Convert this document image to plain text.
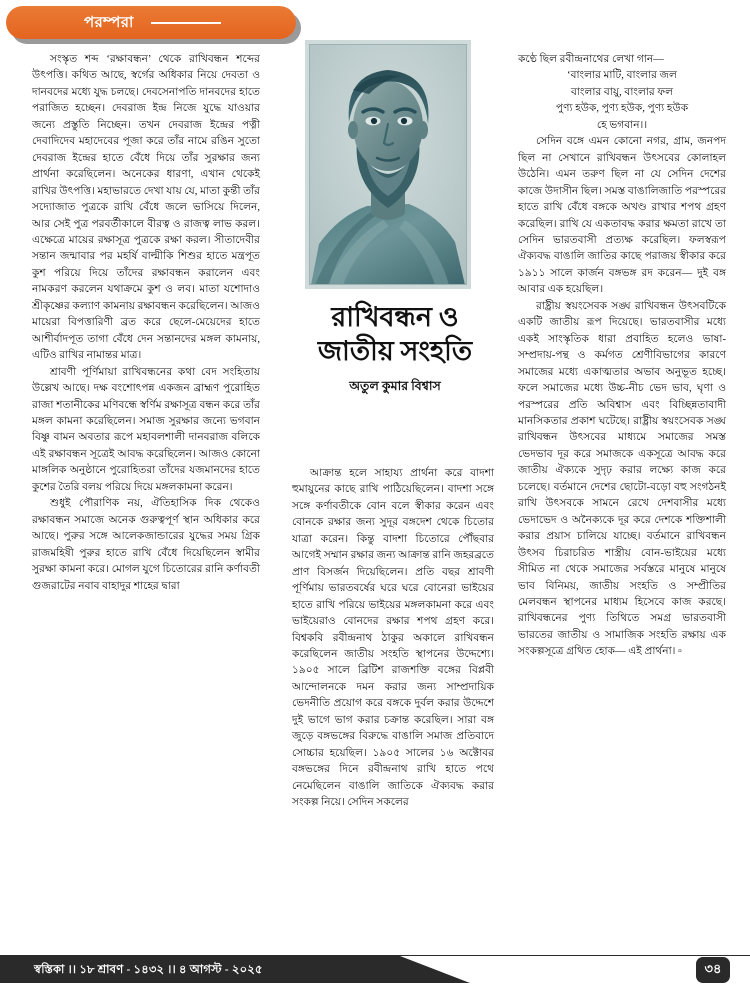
পরম্পরা

সংস্কৃত শব্দ ‘রক্ষাবন্ধন’ থেকে রাখিবন্ধন শব্দের উৎপত্তি। কথিত আছে, স্বর্গের অধিকার নিয়ে দেবতা ও দানবদের মধ্যে যুদ্ধ চলছে। দেবসেনাপতি দানবদের হাতে পরাজিত হচ্ছেন। দেবরাজ ইন্দ্র নিজে যুদ্ধে যাওয়ার জন্যে প্রস্তুতি নিচ্ছেন। তখন দেবরাজ ইন্দ্রের পত্নী দেবাদিদেব মহাদেবের পূজা করে তাঁর নামে রঙিন সুতো দেবরাজ ইন্দ্রের হাতে বেঁধে দিয়ে তাঁর সুরক্ষার জন্য প্রার্থনা করেছিলেন। অনেকের ধারণা, এখান থেকেই রাখির উৎপত্তি। মহাভারতে দেখা যায় যে, মাতা কুন্তী তাঁর সদ্যোজাত পুত্রকে রাখি বেঁধে জলে ভাসিয়ে দিলেন, আর সেই পুত্র পরবর্তীকালে বীরত্ব ও রাজত্ব লাভ করল। এক্ষেত্রে মায়ের রক্ষাসূত্র পুত্রকে রক্ষা করল। সীতাদেবীর সন্তান জন্মাবার পর মহর্ষি বাল্মীকি শিশুর হাতে মন্ত্রপূত কুশ পরিয়ে দিয়ে তাঁদের রক্ষাবন্ধন করালেন এবং নামকরণ করলেন যথাক্রমে কুশ ও লব। মাতা যশোদাও শ্রীকৃষ্ণের কল্যাণ কামনায় রক্ষাবন্ধন করেছিলেন। আজও মায়েরা বিপত্তারিণী ব্রত করে ছেলে-মেয়েদের হাতে আশীর্বাদপূত তাগা বেঁধে দেন সন্তানদের মঙ্গল কামনায়, এটিও রাখির নামান্তর মাত্র।

শ্রাবণী পূর্ণিমায়া রাখিবন্ধনের কথা বেদ সংহিতায় উল্লেখ আছে। দক্ষ বংশোৎপন্ন একজন ব্রাহ্মণ পুরোহিত রাজা শতানীকের মণিবন্ধে স্বর্ণিম রক্ষাসূত্র বন্ধন করে তাঁর মঙ্গল কামনা করেছিলেন। সমাজ সুরক্ষার জন্যে ভগবান বিষ্ণু বামন অবতার রূপে মহাবলশালী দানবরাজ বলিকে এই রক্ষাবন্ধন সূত্রেই আবদ্ধ করেছিলেন। আজও কোনো মাঙ্গলিক অনুষ্ঠানে পুরোহিতরা তাঁদের যজমানদের হাতে কুশের তৈরি বলয় পরিয়ে দিয়ে মঙ্গলকামনা করেন।

শুধুই পৌরাণিক নয়, ঐতিহাসিক দিক থেকেও রক্ষাবন্ধন সমাজে অনেক গুরুত্বপূর্ণ স্থান অধিকার করে আছে। পুরুর সঙ্গে আলেকজান্ডারের যুদ্ধের সময় গ্রিক রাজমহিষী পুরুর হাতে রাখি বেঁধে দিয়েছিলেন স্বামীর সুরক্ষা কামনা করে। মোগল যুগে চিতোরের রানি কর্ণাবতী গুজরাটের নবাব বাহাদুর শাহের দ্বারা

রাখিবন্ধন ও
জাতীয় সংহতি
অতুল কুমার বিশ্বাস

আক্রান্ত হলে সাহায্য প্রার্থনা করে বাদশা হুমায়ুনের কাছে রাখি পাঠিয়েছিলেন। বাদশা সঙ্গে সঙ্গে কর্ণাবতীকে বোন বলে স্বীকার করেন এবং বোনকে রক্ষার জন্য সুদূর বঙ্গদেশ থেকে চিতোর যাত্রা করেন। কিন্তু বাদশা চিতোরে পৌঁছবার আগেই সম্মান রক্ষার জন্য আক্রান্ত রানি জহরব্রতে প্রাণ বিসর্জন দিয়েছিলেন। প্রতি বছর শ্রাবণী পূর্ণিমায় ভারতবর্ষের ঘরে ঘরে বোনেরা ভাইয়ের হাতে রাখি পরিয়ে ভাইয়ের মঙ্গলকামনা করে এবং ভাইয়েরাও বোনদের রক্ষার শপথ গ্রহণ করে। বিশ্বকবি রবীন্দ্রনাথ ঠাকুর অকালে রাখিবন্ধন করেছিলেন জাতীয় সংহতি স্থাপনের উদ্দেশ্যে। ১৯০৫ সালে ব্রিটিশ রাজশক্তি বঙ্গের বিপ্লবী আন্দোলনকে দমন করার জন্য সাম্প্রদায়িক ভেদনীতি প্রয়োগ করে বঙ্গকে দুর্বল করার উদ্দেশে দুই ভাগে ভাগ করার চক্রান্ত করেছিল। সারা বঙ্গ জুড়ে বঙ্গভঙ্গের বিরুদ্ধে বাঙালি সমাজ প্রতিবাদে সোচ্চার হয়েছিল। ১৯০৫ সালের ১৬ অক্টোবর বঙ্গভঙ্গের দিনে রবীন্দ্রনাথ রাখি হাতে পথে নেমেছিলেন বাঙালি জাতিকে ঐক্যবদ্ধ করার সংকল্প নিয়ে। সেদিন সকলের

কণ্ঠে ছিল রবীন্দ্রনাথের লেখা গান—

‘বাংলার মাটি, বাংলার জল

বাংলার বায়ু, বাংলার ফল

পুণ্য হউক, পুণ্য হউক, পুণ্য হউক

হে ভগবান।।

সেদিন বঙ্গে এমন কোনো নগর, গ্রাম, জনপদ ছিল না সেখানে রাখিবন্ধন উৎসবের কোলাহল উঠেনি। এমন তরুণ ছিল না যে সেদিন দেশের কাজে উদাসীন ছিল। সমস্ত বাঙালিজাতি পরস্পরের হাতে রাখি বেঁধে বঙ্গকে অখণ্ড রাখার শপথ গ্রহণ করেছিল। রাখি যে একতাবদ্ধ করার ক্ষমতা রাখে তা সেদিন ভারতবাসী প্রত্যক্ষ করেছিল। ফলস্বরূপ ঐক্যবদ্ধ বাঙালি জাতির কাছে পরাজয় স্বীকার করে ১৯১১ সালে কার্জন বঙ্গভঙ্গ রদ করেন— দুই বঙ্গ আবার এক হয়েছিল।

রাষ্ট্রীয় স্বয়ংসেবক সঙ্ঘ রাখিবন্ধন উৎসবটিকে একটি জাতীয় রূপ দিয়েছে। ভারতবাসীর মধ্যে একই সাংস্কৃতিক ধারা প্রবাহিত হলেও ভাষা-সম্প্রদায়-পন্থ ও কর্মগত শ্রেণীবিভাগের কারণে সমাজের মধ্যে একাত্মতার অভাব অনুভূত হচ্ছে। ফলে সমাজের মধ্যে উচ্চ-নীচ ভেদ ভাব, ঘৃণা ও পরস্পরের প্রতি অবিশ্বাস এবং বিচ্ছিন্নতাবাদী মানসিকতার প্রকাশ ঘটেছে। রাষ্ট্রীয় স্বয়ংসেবক সঙ্ঘ রাখিবন্ধন উৎসবের মাধ্যমে সমাজের সমস্ত ভেদভাব দূর করে সমাজকে একসূত্রে আবদ্ধ করে জাতীয় ঐক্যকে সুদৃঢ় করার লক্ষ্যে কাজ করে চলেছে। বর্তমানে দেশের ছোটো-বড়ো বহু সংগঠনই রাখি উৎসবকে সামনে রেখে দেশবাসীর মধ্যে ভেদাভেদ ও অনৈক্যকে দূর করে দেশকে শক্তিশালী করার প্রয়াস চালিয়ে যাচ্ছে। বর্তমানে রাখিবন্ধন উৎসব চিরাচরিত শাস্ত্রীয় বোন-ভাইয়ের মধ্যে সীমিত না থেকে সমাজের সর্বস্তরে মানুষে মানুষে ভাব বিনিময়, জাতীয় সংহতি ও সম্প্রীতির মেলবন্ধন স্থাপনের মাধ্যম হিসেবে কাজ করছে। রাখিবন্ধনের পুণ্য তিথিতে সমগ্র ভারতবাসী ভারতের জাতীয় ও সামাজিক সংহতি রক্ষায় এক সংকল্পসূত্রে গ্রথিত হোক— এই প্রার্থনা। ▫

স্বস্তিকা ।। ১৮ শ্রাবণ - ১৪৩২ ।। ৪ আগস্ট - ২০২৫	৩৪
